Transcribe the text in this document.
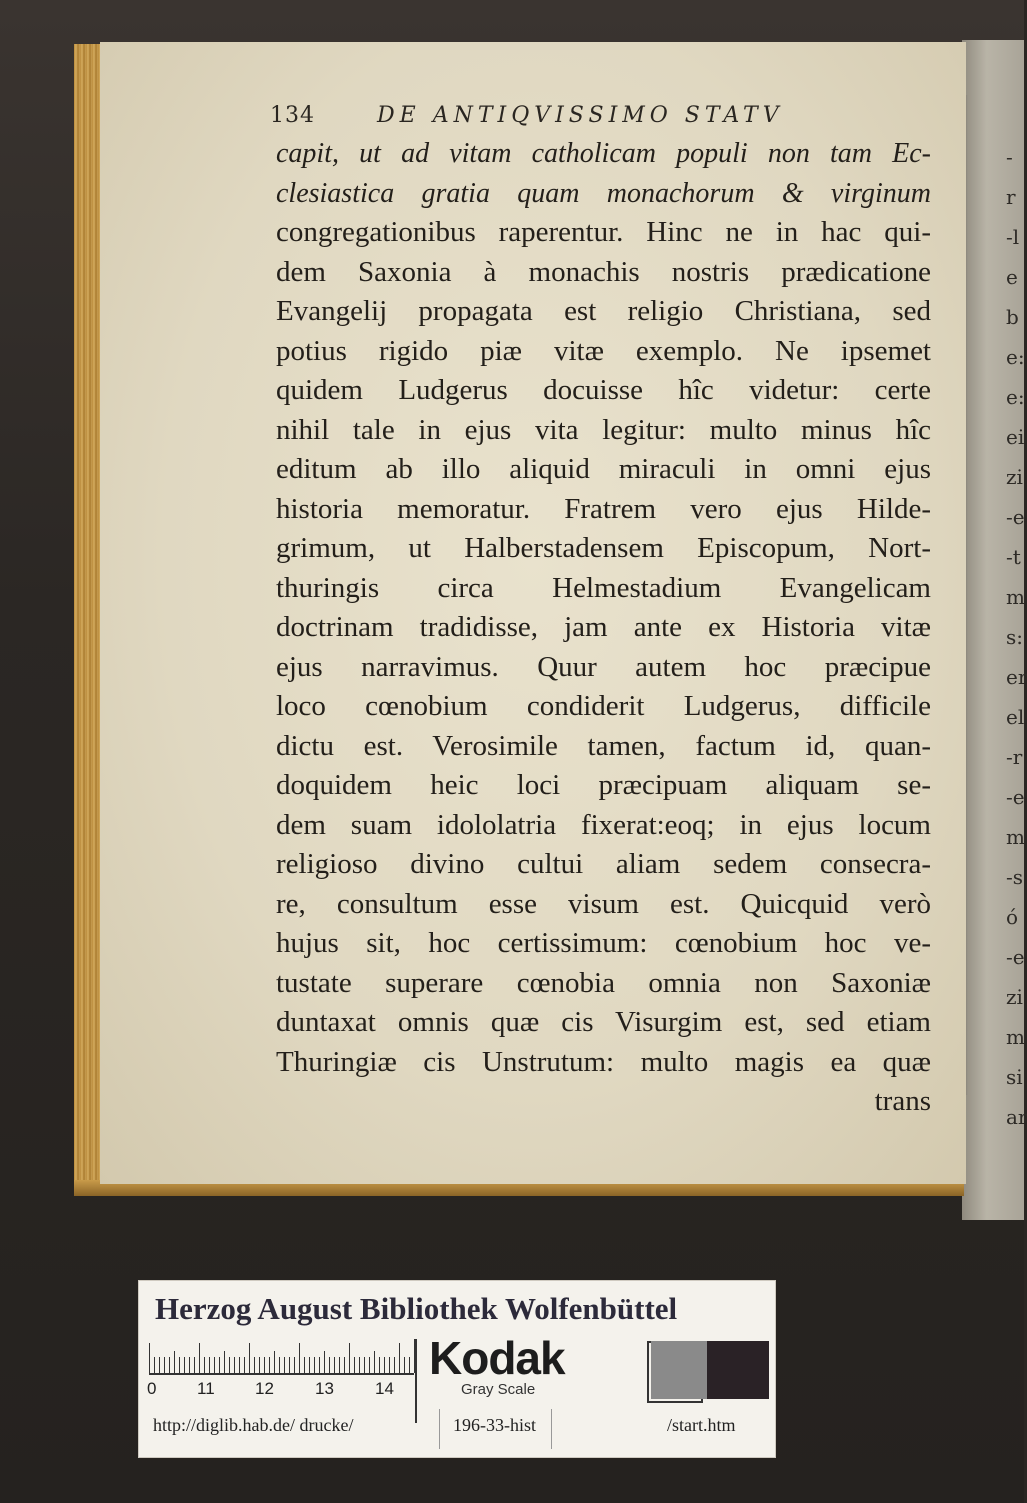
-
r
-l
e
b
e:
e:
ei
zi
-e
-t
m
s:
er
el
-r
-e
m
-s
ó
-e
zi
m
si
ar
134	DE ANTIQVISSIMO STATV
capit, ut ad vitam catholicam populi non tam Ec-
clesiastica gratia quam monachorum & virginum
congregationibus raperentur. Hinc ne in hac qui-
dem Saxonia à monachis nostris prædicatione
Evangelij propagata est religio Christiana, sed
potius rigido piæ vitæ exemplo. Ne ipsemet
quidem Ludgerus docuisse hîc videtur: certe
nihil tale in ejus vita legitur: multo minus hîc
editum ab illo aliquid miraculi in omni ejus
historia memoratur. Fratrem vero ejus Hilde-
grimum, ut Halberstadensem Episcopum, Nort-
thuringis circa Helmestadium Evangelicam
doctrinam tradidisse, jam ante ex Historia vitæ
ejus narravimus. Quur autem hoc præcipue
loco cœnobium condiderit Ludgerus, difficile
dictu est. Verosimile tamen, factum id, quan-
doquidem heic loci præcipuam aliquam se-
dem suam idololatria fixerat:eoq; in ejus locum
religioso divino cultui aliam sedem consecra-
re, consultum esse visum est. Quicquid verò
hujus sit, hoc certissimum: cœnobium hoc ve-
tustate superare cœnobia omnia non Saxoniæ
duntaxat omnis quæ cis Visurgim est, sed etiam
Thuringiæ cis Unstrutum: multo magis ea quæ
trans
Herzog August Bibliothek Wolfenbüttel
0 11 12 13 14
Kodak
Gray Scale
http://diglib.hab.de/ drucke/	196-33-hist	/start.htm
